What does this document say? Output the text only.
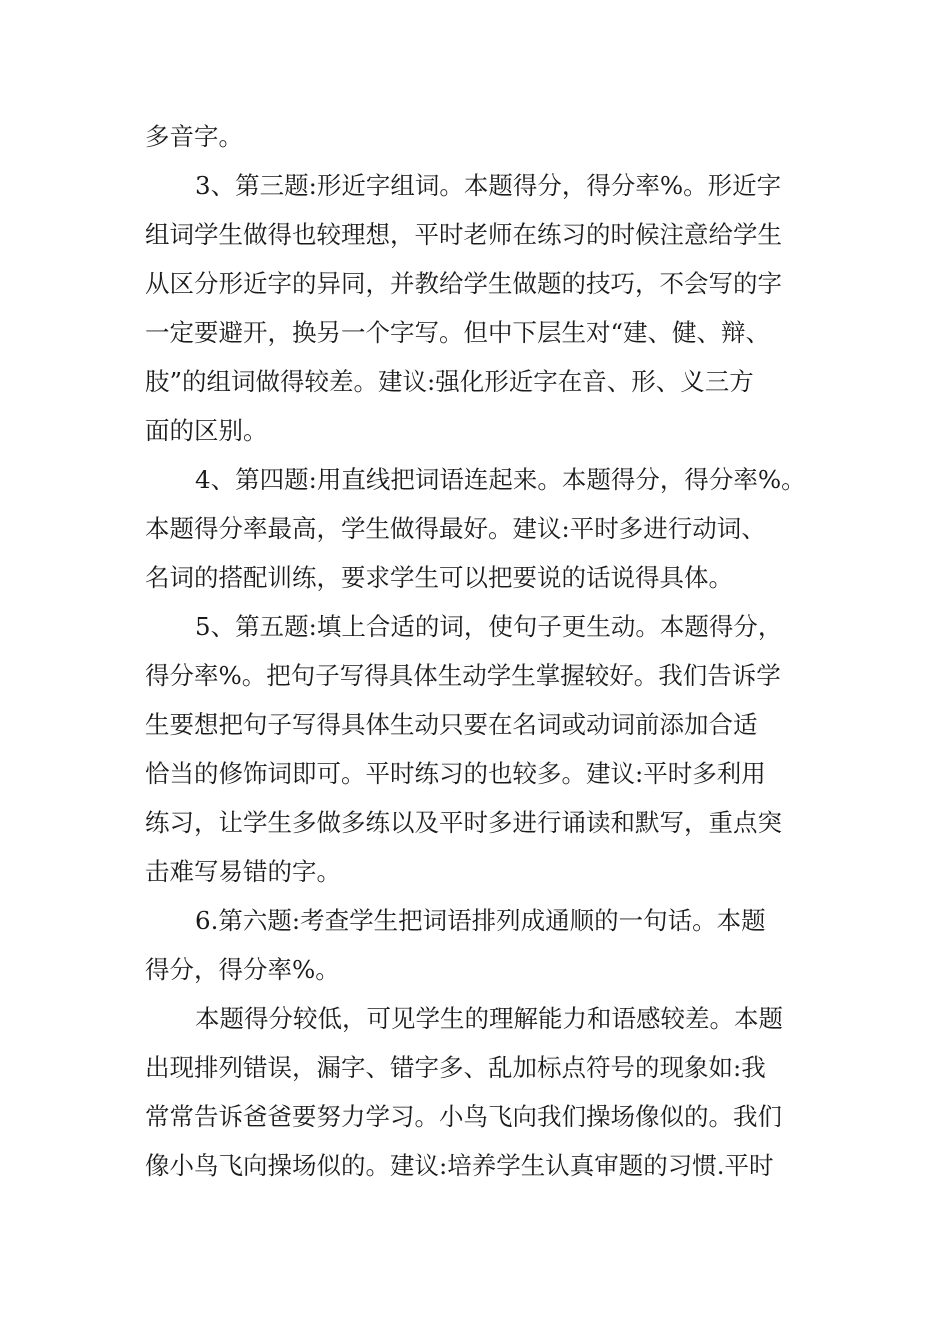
多音字。
3、第三题:形近字组词。本题得分，得分率%。形近字
组词学生做得也较理想，平时老师在练习的时候注意给学生
从区分形近字的异同，并教给学生做题的技巧，不会写的字
一定要避开，换另一个字写。但中下层生对“建、健、辩、
肢”的组词做得较差。建议:强化形近字在音、形、义三方
面的区别。
4、第四题:用直线把词语连起来。本题得分，得分率%。
本题得分率最高，学生做得最好。建议:平时多进行动词、
名词的搭配训练，要求学生可以把要说的话说得具体。
5、第五题:填上合适的词，使句子更生动。本题得分，
得分率%。把句子写得具体生动学生掌握较好。我们告诉学
生要想把句子写得具体生动只要在名词或动词前添加合适
恰当的修饰词即可。平时练习的也较多。建议:平时多利用
练习，让学生多做多练以及平时多进行诵读和默写，重点突
击难写易错的字。
6.第六题:考查学生把词语排列成通顺的一句话。本题
得分，得分率%。
本题得分较低，可见学生的理解能力和语感较差。本题
出现排列错误，漏字、错字多、乱加标点符号的现象如:我
常常告诉爸爸要努力学习。小鸟飞向我们操场像似的。我们
像小鸟飞向操场似的。建议:培养学生认真审题的习惯.平时
